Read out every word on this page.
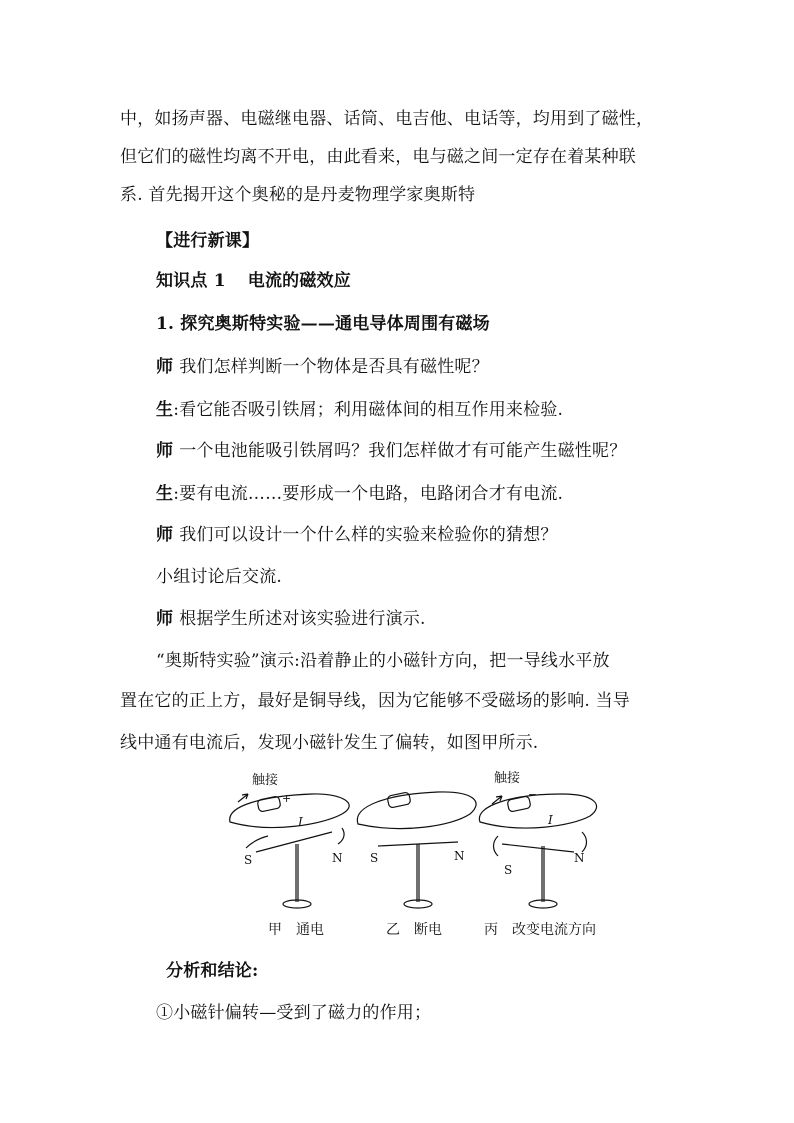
中，如扬声器、电磁继电器、话筒、电吉他、电话等，均用到了磁性，
但它们的磁性均离不开电，由此看来，电与磁之间一定存在着某种联
系. 首先揭开这个奥秘的是丹麦物理学家奥斯特
【进行新课】
知识点 1 电流的磁效应
1. 探究奥斯特实验——通电导体周围有磁场
师 我们怎样判断一个物体是否具有磁性呢？
生:看它能否吸引铁屑；利用磁体间的相互作用来检验.
师 一个电池能吸引铁屑吗？我们怎样做才有可能产生磁性呢？
生:要有电流……要形成一个电路，电路闭合才有电流.
师 我们可以设计一个什么样的实验来检验你的猜想？
小组讨论后交流.
师 根据学生所述对该实验进行演示.
“奥斯特实验”演示:沿着静止的小磁针方向，把一导线水平放
置在它的正上方，最好是铜导线，因为它能够不受磁场的影响. 当导
线中通有电流后，发现小磁针发生了偏转，如图甲所示.
触接
+
I
S	N S	N
触接
−
I
S
N
甲　通电	乙　断电	丙　改变电流方向
分析和结论:
①小磁针偏转—受到了磁力的作用；
